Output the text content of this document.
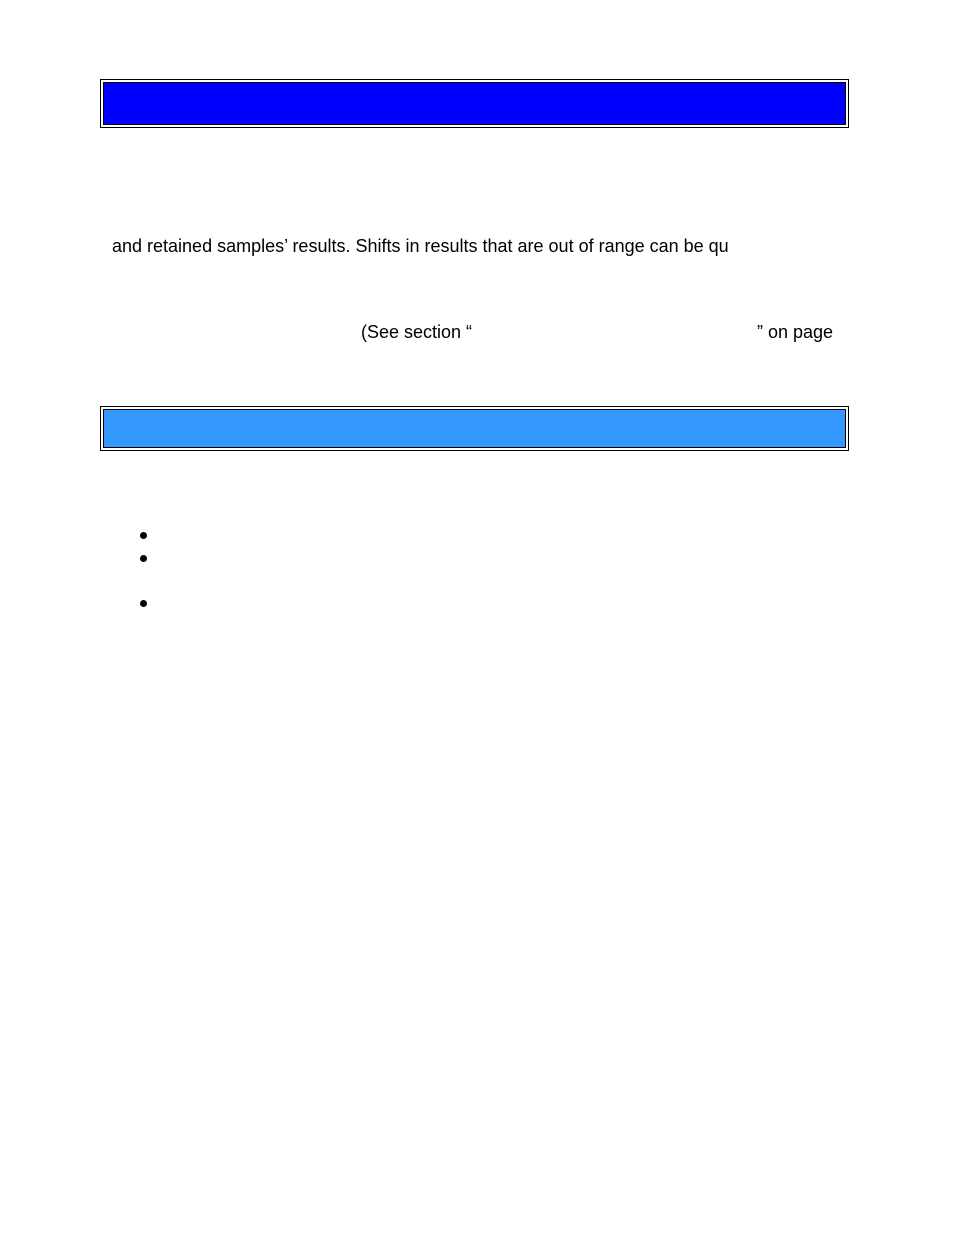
and retained samples’ results. Shifts in results that are out of range can be qu
(See section “	” on page
